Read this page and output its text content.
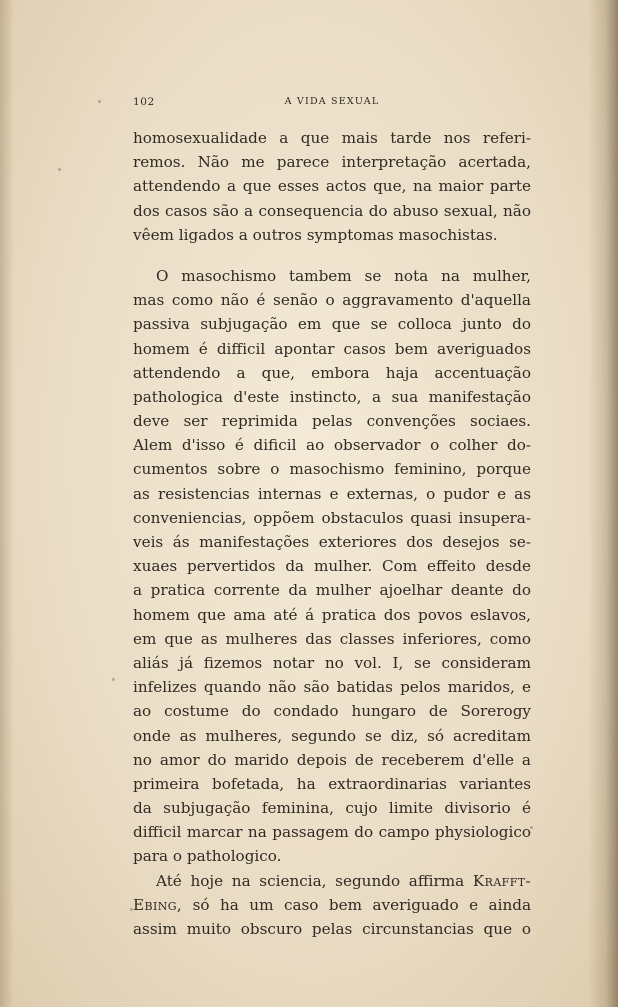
102	A VIDA SEXUAL
homosexualidade a que mais tarde nos referi-
remos. Não me parece interpretação acertada,
attendendo a que esses actos que, na maior parte
dos casos são a consequencia do abuso sexual, não
vêem ligados a outros symptomas masochistas.
O masochismo tambem se nota na mulher,
mas como não é senão o aggravamento d'aquella
passiva subjugação em que se colloca junto do
homem é difficil apontar casos bem averiguados
attendendo a que, embora haja accentuação
pathologica d'este instincto, a sua manifestação
deve ser reprimida pelas convenções sociaes.
Alem d'isso é dificil ao observador o colher do-
cumentos sobre o masochismo feminino, porque
as resistencias internas e externas, o pudor e as
conveniencias, oppõem obstaculos quasi insupera-
veis ás manifestações exteriores dos desejos se-
xuaes pervertidos da mulher. Com effeito desde
a pratica corrente da mulher ajoelhar deante do
homem que ama até á pratica dos povos eslavos,
em que as mulheres das classes inferiores, como
aliás já fizemos notar no vol. I, se consideram
infelizes quando não são batidas pelos maridos, e
ao costume do condado hungaro de Sorerogy
onde as mulheres, segundo se diz, só acreditam
no amor do marido depois de receberem d'elle a
primeira bofetada, ha extraordinarias variantes
da subjugação feminina, cujo limite divisorio é
difficil marcar na passagem do campo physiologico
para o pathologico.
Até hoje na sciencia, segundo affirma Krafft-
Ebing, só ha um caso bem averiguado e ainda
assim muito obscuro pelas circunstancias que o
